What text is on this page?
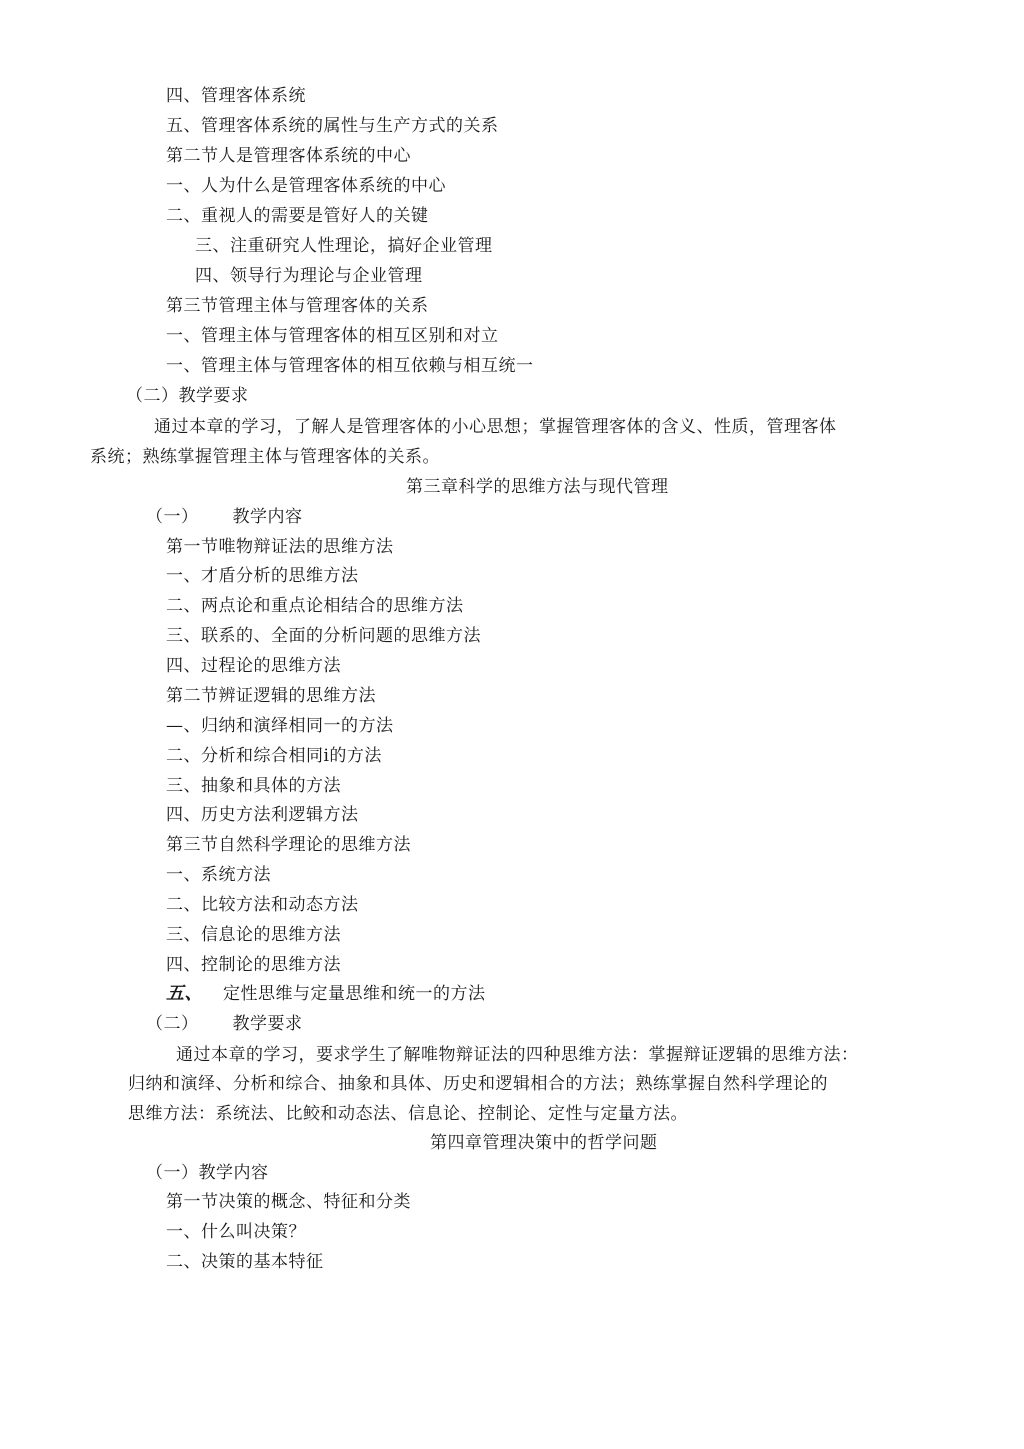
四、管理客体系统
五、管理客体系统的属性与生产方式的关系
第二节人是管理客体系统的中心
一、人为什么是管理客体系统的中心
二、重视人的需要是管好人的关键
三、注重研究人性理论，搞好企业管理
四、领导行为理论与企业管理
第三节管理主体与管理客体的关系
一、管理主体与管理客体的相互区别和对立
一、管理主体与管理客体的相互依赖与相互统一
（二）教学要求
通过本章的学习，了解人是管理客体的小心思想；掌握管理客体的含义、性质，管理客体
系统；熟练掌握管理主体与管理客体的关系。
第三章科学的思维方法与现代管理
（一） 教学内容
第一节唯物辩证法的思维方法
一、才盾分析的思维方法
二、两点论和重点论相结合的思维方法
三、联系的、全面的分析问题的思维方法
四、过程论的思维方法
第二节辨证逻辑的思维方法
—、归纳和演绎相同一的方法
二、分析和综合相同i的方法
三、抽象和具体的方法
四、历史方法利逻辑方法
第三节自然科学理论的思维方法
一、系统方法
二、比较方法和动态方法
三、信息论的思维方法
四、控制论的思维方法
五、 定性思维与定量思维和统一的方法
（二） 教学要求
通过本章的学习，要求学生了解唯物辩证法的四种思维方法：掌握辩证逻辑的思维方法：
归纳和演绎、分析和综合、抽象和具体、历史和逻辑相合的方法；熟练掌握自然科学理论的
思维方法：系统法、比鲛和动态法、信息论、控制论、定性与定量方法。
第四章管理决策中的哲学问题
（一）教学内容
第一节决策的概念、特征和分类
一、什么叫决策？
二、决策的基本特征
